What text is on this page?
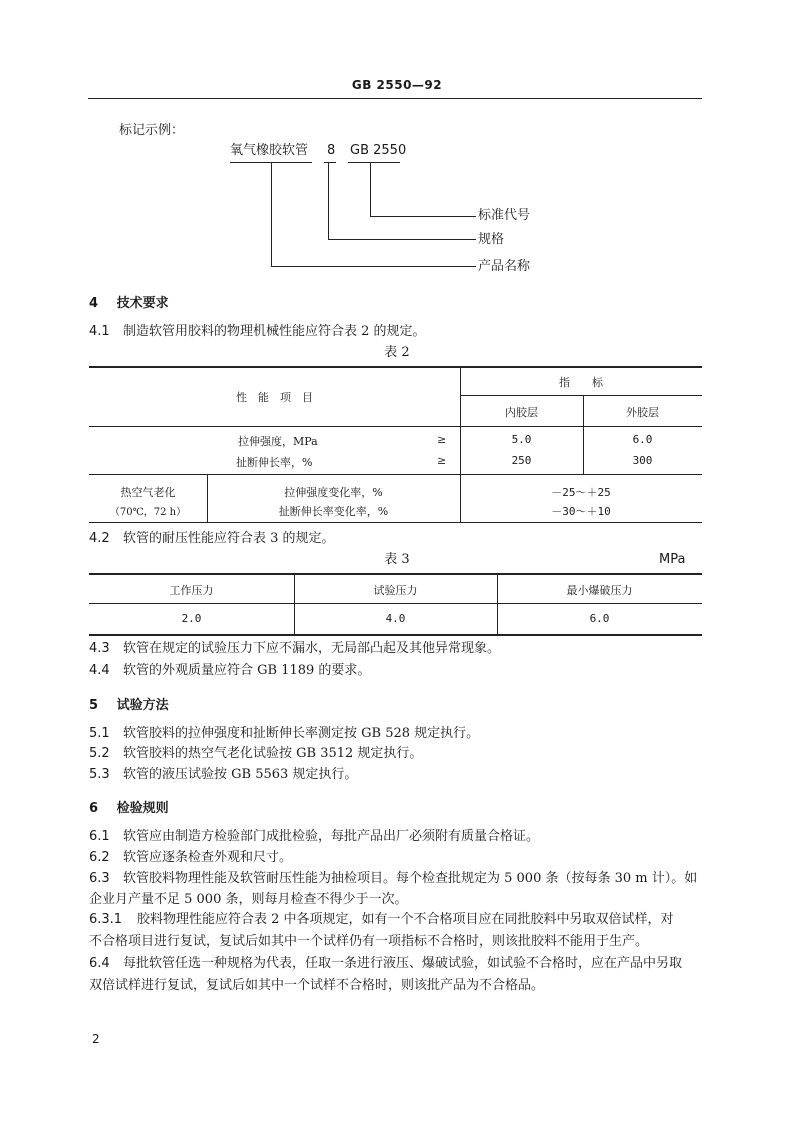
GB 2550—92
标记示例：
氧气橡胶软管 8 GB 2550
标准代号
规格
产品名称
4 技术要求
4.1 制造软管用胶料的物理机械性能应符合表 2 的规定。
表 2
性　能　项　目
指　　标
内胶层	外胶层
拉伸强度，MPa	≥	5.0	6.0
扯断伸长率，%	≥	250	300
热空气老化
（70℃，72 h）
拉伸强度变化率，%	－25～＋25
扯断伸长率变化率，%	－30～＋10
4.2 软管的耐压性能应符合表 3 的规定。
表 3	MPa
工作压力	试验压力	最小爆破压力
2.0	4.0	6.0
4.3 软管在规定的试验压力下应不漏水，无局部凸起及其他异常现象。
4.4 软管的外观质量应符合 GB 1189 的要求。
5 试验方法
5.1 软管胶料的拉伸强度和扯断伸长率测定按 GB 528 规定执行。
5.2 软管胶料的热空气老化试验按 GB 3512 规定执行。
5.3 软管的液压试验按 GB 5563 规定执行。
6 检验规则
6.1 软管应由制造方检验部门成批检验，每批产品出厂必须附有质量合格证。
6.2 软管应逐条检查外观和尺寸。
6.3 软管胶料物理性能及软管耐压性能为抽检项目。每个检查批规定为 5 000 条（按每条 30 m 计）。如
企业月产量不足 5 000 条，则每月检查不得少于一次。
6.3.1 胶料物理性能应符合表 2 中各项规定，如有一个不合格项目应在同批胶料中另取双倍试样，对
不合格项目进行复试，复试后如其中一个试样仍有一项指标不合格时，则该批胶料不能用于生产。
6.4 每批软管任选一种规格为代表，任取一条进行液压、爆破试验，如试验不合格时，应在产品中另取
双倍试样进行复试，复试后如其中一个试样不合格时，则该批产品为不合格品。
2
